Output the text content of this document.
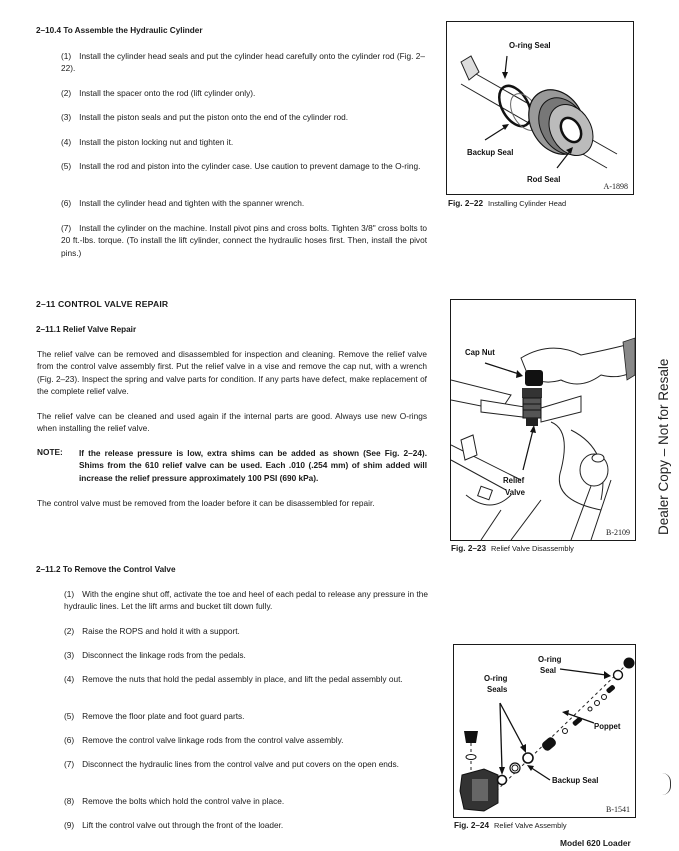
2–10.4 To Assemble the Hydraulic Cylinder
(1) Install the cylinder head seals and put the cylinder head carefully onto the cylinder rod (Fig. 2–22).
(2) Install the spacer onto the rod (lift cylinder only).
(3) Install the piston seals and put the piston onto the end of the cylinder rod.
(4) Install the piston locking nut and tighten it.
(5) Install the rod and piston into the cylinder case. Use caution to prevent damage to the O-ring.
(6) Install the cylinder head and tighten with the spanner wrench.
(7) Install the cylinder on the machine. Install pivot pins and cross bolts. Tighten 3/8" cross bolts to 20 ft.-lbs. torque. (To install the lift cylinder, connect the hydraulic hoses first. Then, install the pivot pins.)
O-ring Seal
Backup Seal
Rod Seal
A-1898
Fig. 2–22 Installing Cylinder Head
2–11 CONTROL VALVE REPAIR
2–11.1 Relief Valve Repair
The relief valve can be removed and disassembled for inspection and cleaning. Remove the relief valve from the control valve assembly first. Put the relief valve in a vise and remove the cap nut, with a wrench (Fig. 2–23). Inspect the spring and valve parts for condition. If any parts have defect, make replacement of the complete relief valve.
The relief valve can be cleaned and used again if the internal parts are good. Always use new O-rings when installing the relief valve.
NOTE: If the release pressure is low, extra shims can be added as shown (See Fig. 2–24). Shims from the 610 relief valve can be used. Each .010 (.254 mm) of shim added will increase the relief pressure approximately 100 PSI (690 kPa).
The control valve must be removed from the loader before it can be disassembled for repair.
Cap Nut
Relief
Valve
B-2109
Fig. 2–23 Relief Valve Disassembly
Dealer Copy – Not for Resale
2–11.2 To Remove the Control Valve
(1) With the engine shut off, activate the toe and heel of each pedal to release any pressure in the hydraulic lines. Let the lift arms and bucket tilt down fully.
(2) Raise the ROPS and hold it with a support.
(3) Disconnect the linkage rods from the pedals.
(4) Remove the nuts that hold the pedal assembly in place, and lift the pedal assembly out.
(5) Remove the floor plate and foot guard parts.
(6) Remove the control valve linkage rods from the control valve assembly.
(7) Disconnect the hydraulic lines from the control valve and put covers on the open ends.
(8) Remove the bolts which hold the control valve in place.
(9) Lift the control valve out through the front of the loader.
O-ring
Seal
O-ring
Seals
Poppet
Backup Seal
B-1541
Fig. 2–24 Relief Valve Assembly
Model 620 Loader
